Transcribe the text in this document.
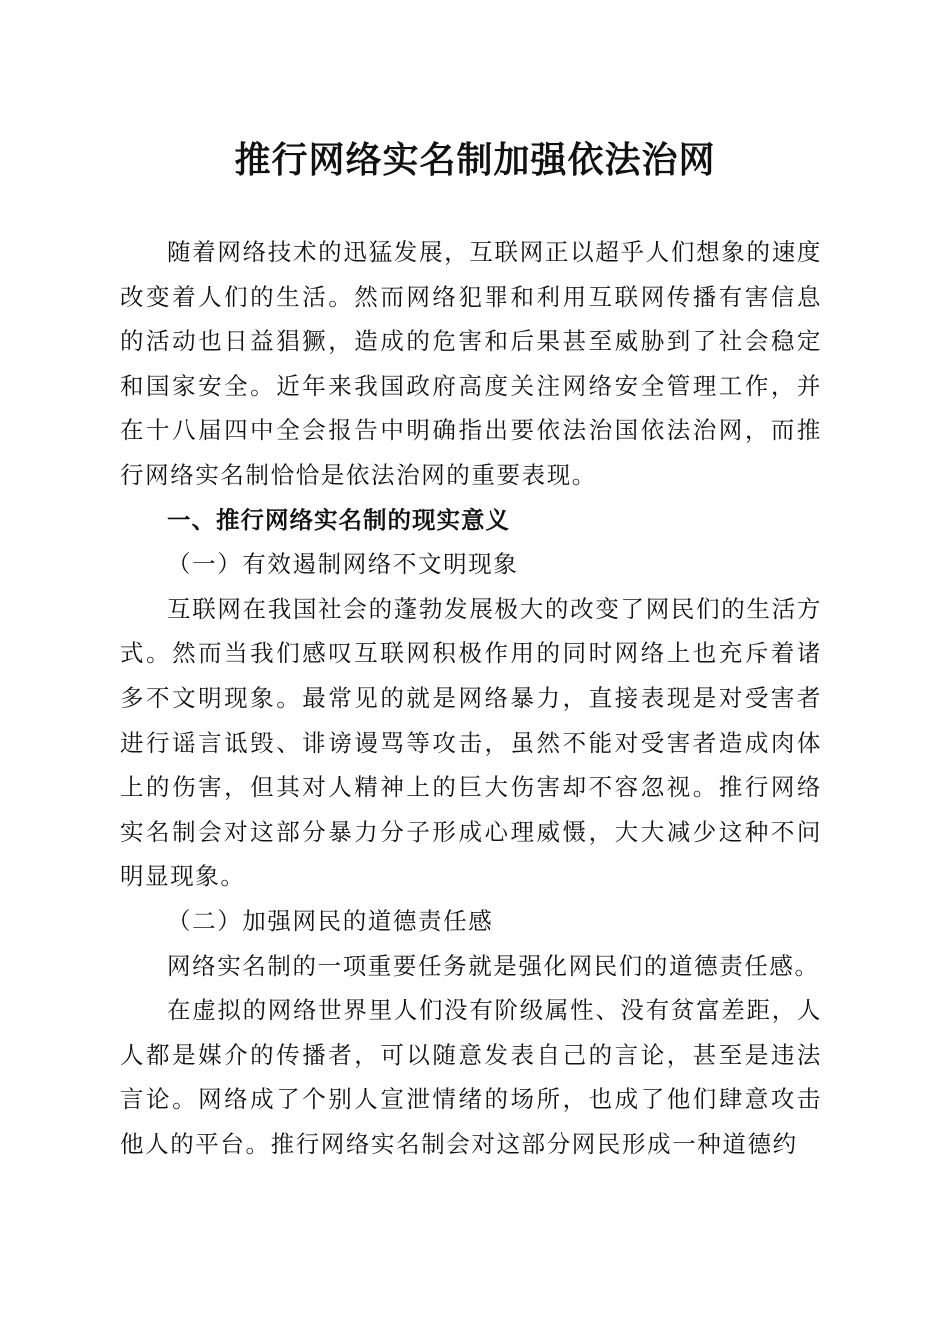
推行网络实名制加强依法治网

随着网络技术的迅猛发展，互联网正以超乎人们想象的速度改变着人们的生活。然而网络犯罪和利用互联网传播有害信息的活动也日益猖獗，造成的危害和后果甚至威胁到了社会稳定和国家安全。近年来我国政府高度关注网络安全管理工作，并在十八届四中全会报告中明确指出要依法治国依法治网，而推行网络实名制恰恰是依法治网的重要表现。

一、推行网络实名制的现实意义

（一）有效遏制网络不文明现象

互联网在我国社会的蓬勃发展极大的改变了网民们的生活方式。然而当我们感叹互联网积极作用的同时网络上也充斥着诸多不文明现象。最常见的就是网络暴力，直接表现是对受害者进行谣言诋毁、诽谤谩骂等攻击，虽然不能对受害者造成肉体上的伤害，但其对人精神上的巨大伤害却不容忽视。推行网络实名制会对这部分暴力分子形成心理威慑，大大减少这种不问明显现象。

（二）加强网民的道德责任感

网络实名制的一项重要任务就是强化网民们的道德责任感。

在虚拟的网络世界里人们没有阶级属性、没有贫富差距，人人都是媒介的传播者，可以随意发表自己的言论，甚至是违法言论。网络成了个别人宣泄情绪的场所，也成了他们肆意攻击他人的平台。推行网络实名制会对这部分网民形成一种道德约
